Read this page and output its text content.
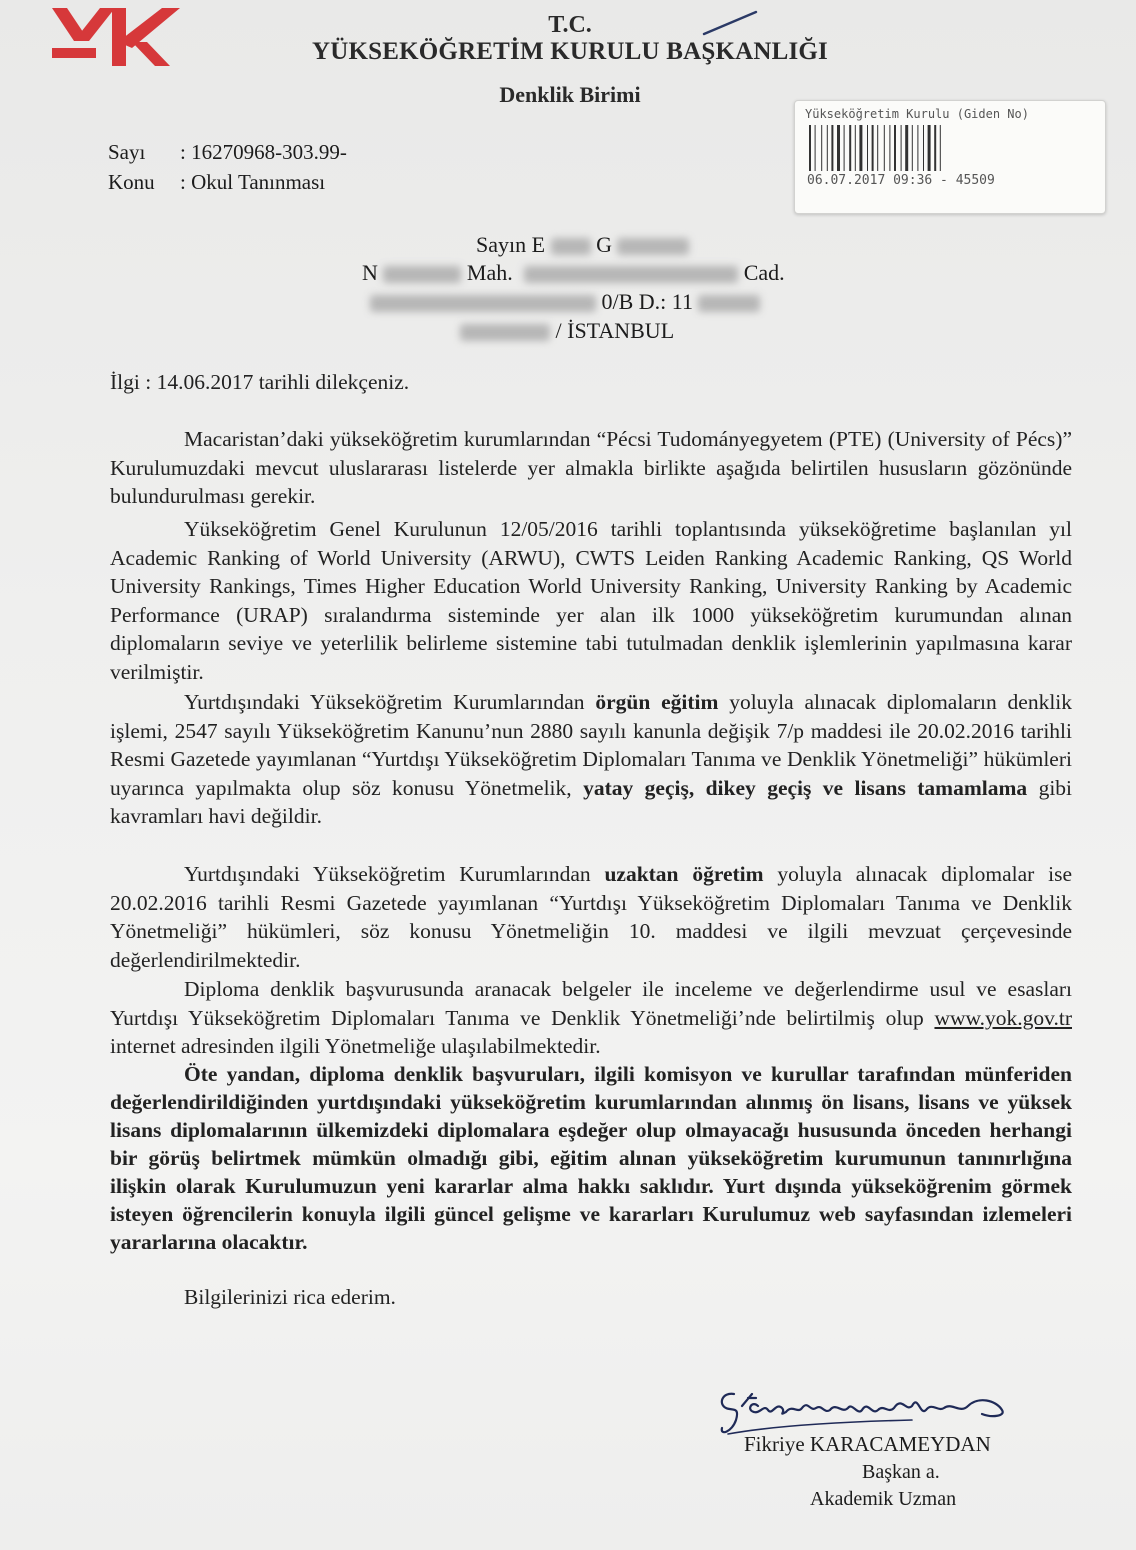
T.C.
YÜKSEKÖĞRETİM KURULU BAŞKANLIĞI
Denklik Birimi
Yükseköğretim Kurulu (Giden No)
06.07.2017 09:36 - 45509
Sayı : 16270968-303.99-
Konu : Okul Tanınması
Sayın E G
N	Mah.	Cad.
0/B D.: 11
/ İSTANBUL
İlgi : 14.06.2017 tarihli dilekçeniz.
Macaristan’daki yükseköğretim kurumlarından “Pécsi Tudományegyetem (PTE) (University of Pécs)” Kurulumuzdaki mevcut uluslararası listelerde yer almakla birlikte aşağıda belirtilen hususların gözönünde bulundurulması gerekir.
Yükseköğretim Genel Kurulunun 12/05/2016 tarihli toplantısında yükseköğretime başlanılan yıl Academic Ranking of World University (ARWU), CWTS Leiden Ranking Academic Ranking, QS World University Rankings, Times Higher Education World University Ranking, University Ranking by Academic Performance (URAP) sıralandırma sisteminde yer alan ilk 1000 yükseköğretim kurumundan alınan diplomaların seviye ve yeterlilik belirleme sistemine tabi tutulmadan denklik işlemlerinin yapılmasına karar verilmiştir.
Yurtdışındaki Yükseköğretim Kurumlarından örgün eğitim yoluyla alınacak diplomaların denklik işlemi, 2547 sayılı Yükseköğretim Kanunu’nun 2880 sayılı kanunla değişik 7/p maddesi ile 20.02.2016 tarihli Resmi Gazetede yayımlanan “Yurtdışı Yükseköğretim Diplomaları Tanıma ve Denklik Yönetmeliği” hükümleri uyarınca yapılmakta olup söz konusu Yönetmelik, yatay geçiş, dikey geçiş ve lisans tamamlama gibi kavramları havi değildir.
Yurtdışındaki Yükseköğretim Kurumlarından uzaktan öğretim yoluyla alınacak diplomalar ise 20.02.2016 tarihli Resmi Gazetede yayımlanan “Yurtdışı Yükseköğretim Diplomaları Tanıma ve Denklik Yönetmeliği” hükümleri, söz konusu Yönetmeliğin 10. maddesi ve ilgili mevzuat çerçevesinde değerlendirilmektedir.
Diploma denklik başvurusunda aranacak belgeler ile inceleme ve değerlendirme usul ve esasları Yurtdışı Yükseköğretim Diplomaları Tanıma ve Denklik Yönetmeliği’nde belirtilmiş olup www.yok.gov.tr internet adresinden ilgili Yönetmeliğe ulaşılabilmektedir.
Öte yandan, diploma denklik başvuruları, ilgili komisyon ve kurullar tarafından münferiden değerlendirildiğinden yurtdışındaki yükseköğretim kurumlarından alınmış ön lisans, lisans ve yüksek lisans diplomalarının ülkemizdeki diplomalara eşdeğer olup olmayacağı hususunda önceden herhangi bir görüş belirtmek mümkün olmadığı gibi, eğitim alınan yükseköğretim kurumunun tanınırlığına ilişkin olarak Kurulumuzun yeni kararlar alma hakkı saklıdır. Yurt dışında yükseköğrenim görmek isteyen öğrencilerin konuyla ilgili güncel gelişme ve kararları Kurulumuz web sayfasından izlemeleri yararlarına olacaktır.
Bilgilerinizi rica ederim.
Fikriye KARACAMEYDAN
Başkan a.
Akademik Uzman
